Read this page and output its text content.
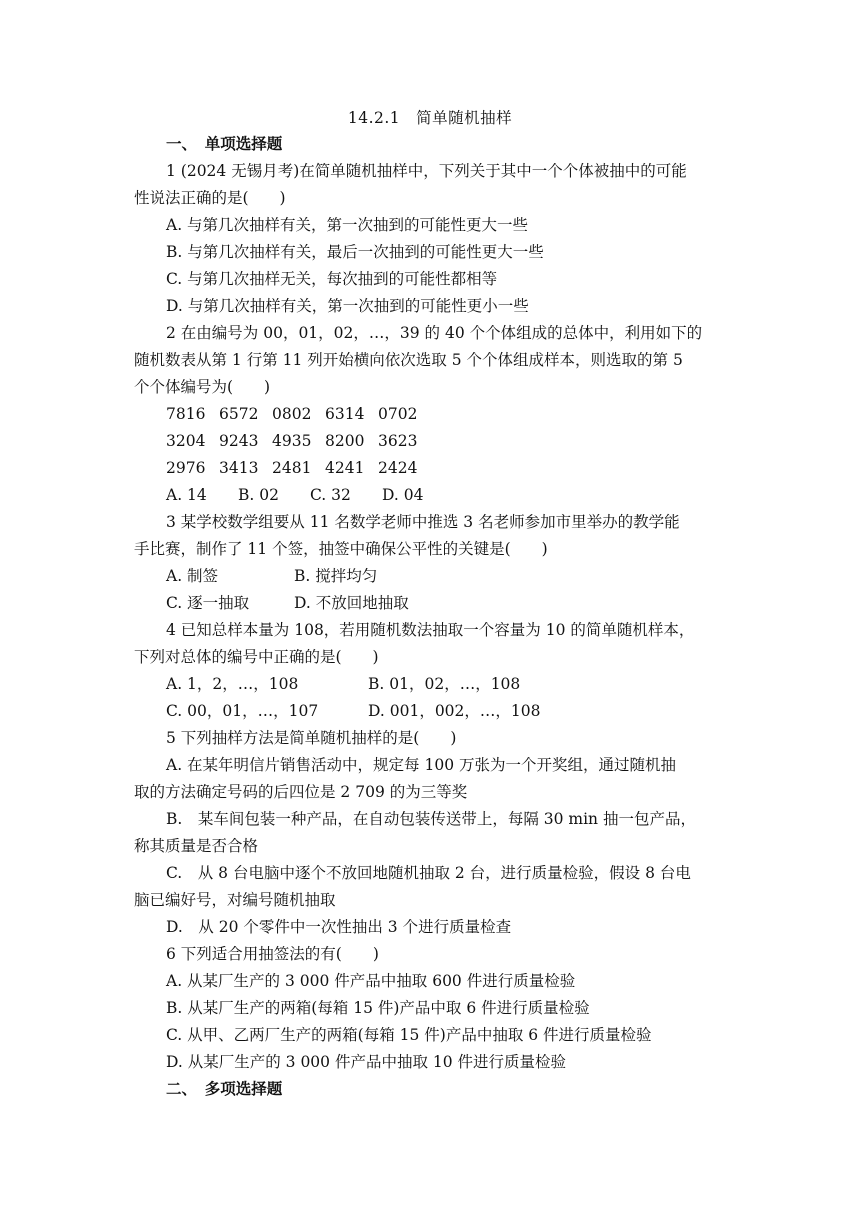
14.2.1　简单随机抽样
一、　单项选择题
1 (2024 无锡月考)在简单随机抽样中，下列关于其中一个个体被抽中的可能
性说法正确的是(　　)
A. 与第几次抽样有关，第一次抽到的可能性更大一些
B. 与第几次抽样有关，最后一次抽到的可能性更大一些
C. 与第几次抽样无关，每次抽到的可能性都相等
D. 与第几次抽样有关，第一次抽到的可能性更小一些
2 在由编号为 00，01，02，…，39 的 40 个个体组成的总体中，利用如下的
随机数表从第 1 行第 11 列开始横向依次选取 5 个个体组成样本，则选取的第 5
个个体编号为(　　)
7816 6572 0802 6314 0702
3204 9243 4935 8200 3623
2976 3413 2481 4241 2424
A. 14 B. 02 C. 32 D. 04
3 某学校数学组要从 11 名数学老师中推选 3 名老师参加市里举办的教学能
手比赛，制作了 11 个签，抽签中确保公平性的关键是(　　)
A. 制签	B. 搅拌均匀
C. 逐一抽取	D. 不放回地抽取
4 已知总样本量为 108，若用随机数法抽取一个容量为 10 的简单随机样本，
下列对总体的编号中正确的是(　　)
A. 1，2，…，108	B. 01，02，…，108
C. 00，01，…，107	D. 001，002，…，108
5 下列抽样方法是简单随机抽样的是(　　)
A. 在某年明信片销售活动中，规定每 100 万张为一个开奖组，通过随机抽
取的方法确定号码的后四位是 2 709 的为三等奖
B.　某车间包装一种产品，在自动包装传送带上，每隔 30 min 抽一包产品，
称其质量是否合格
C.　从 8 台电脑中逐个不放回地随机抽取 2 台，进行质量检验，假设 8 台电
脑已编好号，对编号随机抽取
D.　从 20 个零件中一次性抽出 3 个进行质量检查
6 下列适合用抽签法的有(　　)
A. 从某厂生产的 3 000 件产品中抽取 600 件进行质量检验
B. 从某厂生产的两箱(每箱 15 件)产品中取 6 件进行质量检验
C. 从甲、乙两厂生产的两箱(每箱 15 件)产品中抽取 6 件进行质量检验
D. 从某厂生产的 3 000 件产品中抽取 10 件进行质量检验
二、　多项选择题
